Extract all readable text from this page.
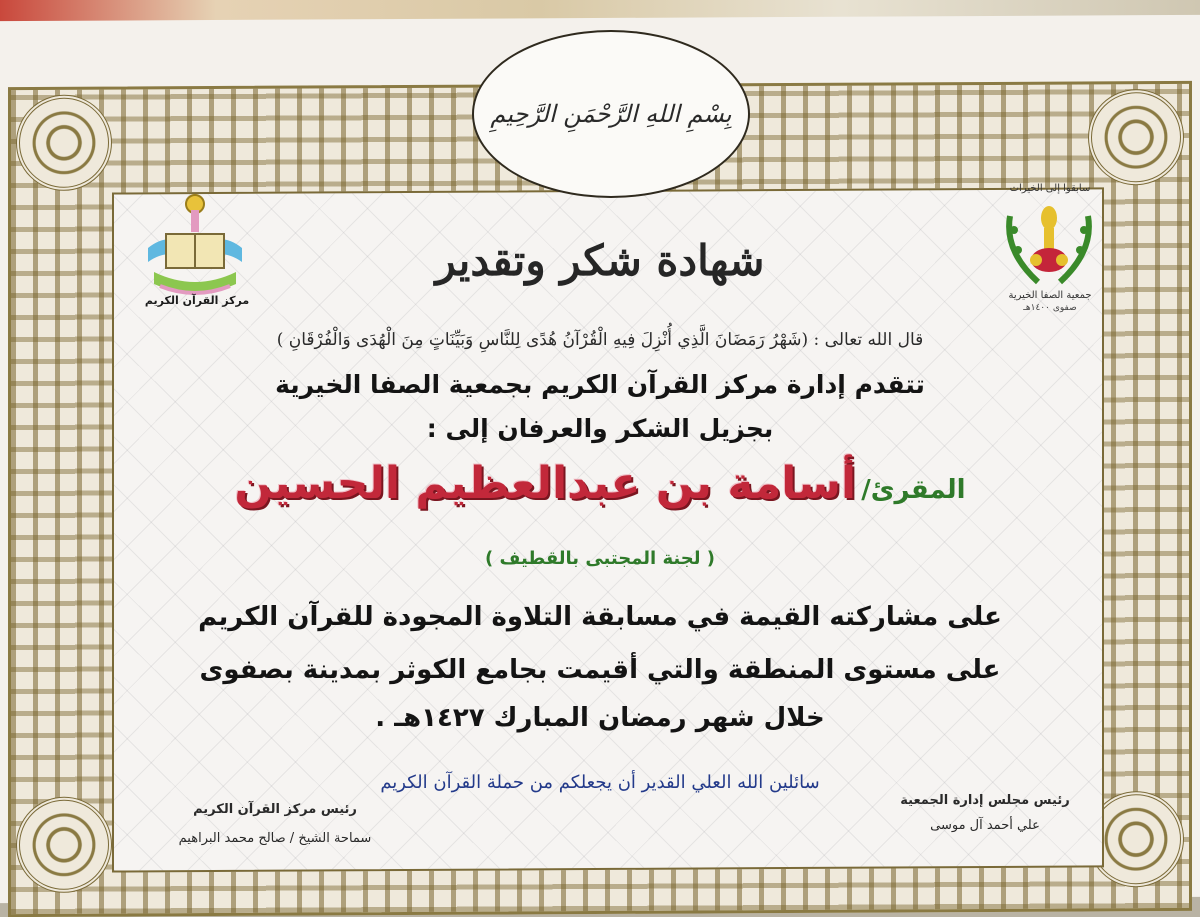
بِسْمِ اللهِ الرَّحْمَنِ الرَّحِيمِ
مركز القرآن الكريم
سابقوا إلى الخيرات
جمعية الصفا الخيرية
صفوى ١٤٠٠هـ
شهادة شكر وتقدير
قال الله تعالى : (شَهْرُ رَمَضَانَ الَّذِي أُنْزِلَ فِيهِ الْقُرْآنُ هُدًى لِلنَّاسِ وَبَيِّنَاتٍ مِنَ الْهُدَى وَالْفُرْقَانِ )
تتقدم إدارة مركز القرآن الكريم بجمعية الصفا الخيرية
بجزيل الشكر والعرفان إلى :
المقرئ/ أسامة بن عبدالعظيم الحسين
( لجنة المجتبى بالقطيف )
على مشاركته القيمة في مسابقة التلاوة المجودة للقرآن الكريم
على مستوى المنطقة والتي أقيمت بجامع الكوثر بمدينة بصفوى
خلال شهر رمضان المبارك ١٤٢٧هـ .
سائلين الله العلي القدير أن يجعلكم من حملة القرآن الكريم
رئيس مركز القرآن الكريم
سماحة الشيخ / صالح محمد البراهيم
رئيس مجلس إدارة الجمعية
علي أحمد آل موسى
